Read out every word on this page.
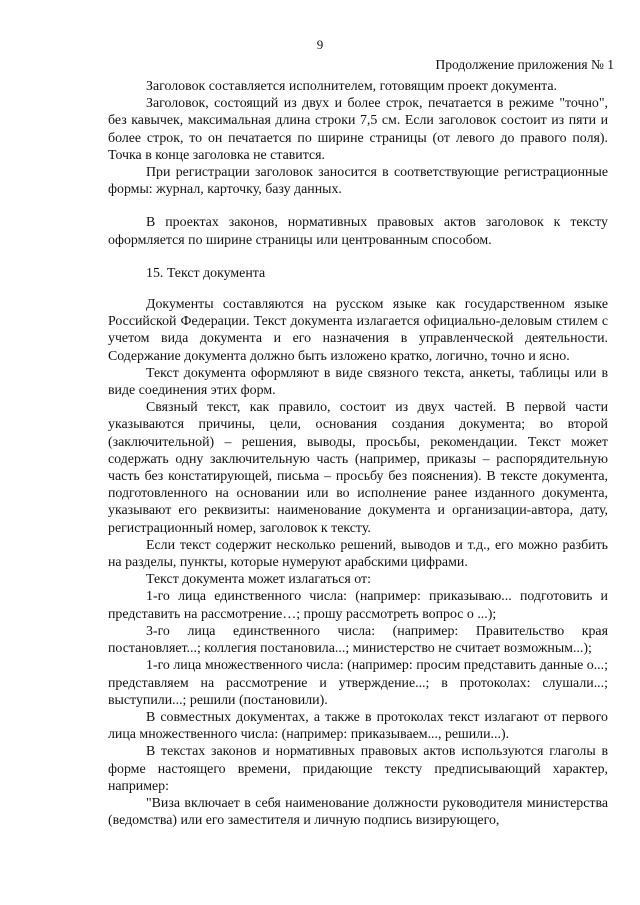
9
Продолжение приложения № 1

Заголовок составляется исполнителем, готовящим проект документа.

Заголовок, состоящий из двух и более строк, печатается в режиме "точно", без кавычек, максимальная длина строки 7,5 см. Если заголовок состоит из пяти и более строк, то он печатается по ширине страницы (от левого до правого поля). Точка в конце заголовка не ставится.

При регистрации заголовок заносится в соответствующие регистрационные формы: журнал, карточку, базу данных.

В проектах законов, нормативных правовых актов заголовок к тексту оформляется по ширине страницы или центрованным способом.

15. Текст документа

Документы составляются на русском языке как государственном языке Российской Федерации. Текст документа излагается официально-деловым стилем с учетом вида документа и его назначения в управленческой деятельности. Содержание документа должно быть изложено кратко, логично, точно и ясно.

Текст документа оформляют в виде связного текста, анкеты, таблицы или в виде соединения этих форм.

Связный текст, как правило, состоит из двух частей. В первой части указываются причины, цели, основания создания документа; во второй (заключительной) – решения, выводы, просьбы, рекомендации. Текст может содержать одну заключительную часть (например, приказы – распорядительную часть без констатирующей, письма – просьбу без пояснения). В тексте документа, подготовленного на основании или во исполнение ранее изданного документа, указывают его реквизиты: наименование документа и организации-автора, дату, регистрационный номер, заголовок к тексту.

Если текст содержит несколько решений, выводов и т.д., его можно разбить на разделы, пункты, которые нумеруют арабскими цифрами.

Текст документа может излагаться от:

1-го лица единственного числа: (например: приказываю... подготовить и представить на рассмотрение…; прошу рассмотреть вопрос о ...);

3-го лица единственного числа: (например: Правительство края постановляет...; коллегия постановила...; министерство не считает возможным...);

1-го лица множественного числа: (например: просим представить данные о...; представляем на рассмотрение и утверждение...; в протоколах: слушали...; выступили...; решили (постановили).

В совместных документах, а также в протоколах текст излагают от первого лица множественного числа: (например: приказываем..., решили...).

В текстах законов и нормативных правовых актов используются глаголы в форме настоящего времени, придающие тексту предписывающий характер, например:

"Виза включает в себя наименование должности руководителя министерства (ведомства) или его заместителя и личную подпись визирующего,
